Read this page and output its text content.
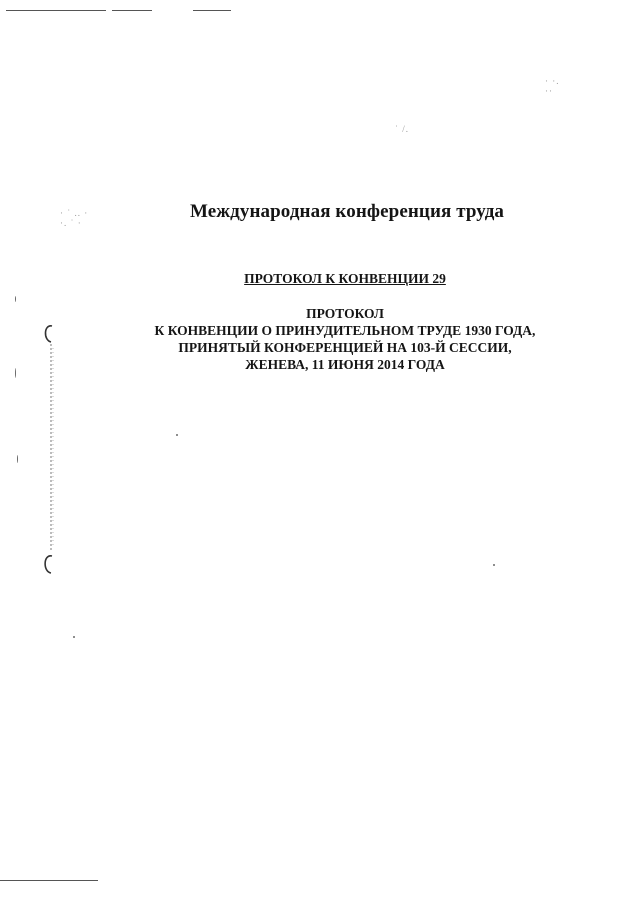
· ·.
··
˙ /.
· ˙ .. ·
·. ˙ ·
Международная конференция труда
ПРОТОКОЛ К КОНВЕНЦИИ 29
ПРОТОКОЛ
К КОНВЕНЦИИ О ПРИНУДИТЕЛЬНОМ ТРУДЕ 1930 ГОДА,
ПРИНЯТЫЙ КОНФЕРЕНЦИЕЙ НА 103-Й СЕССИИ,
ЖЕНЕВА, 11 ИЮНЯ 2014 ГОДА
